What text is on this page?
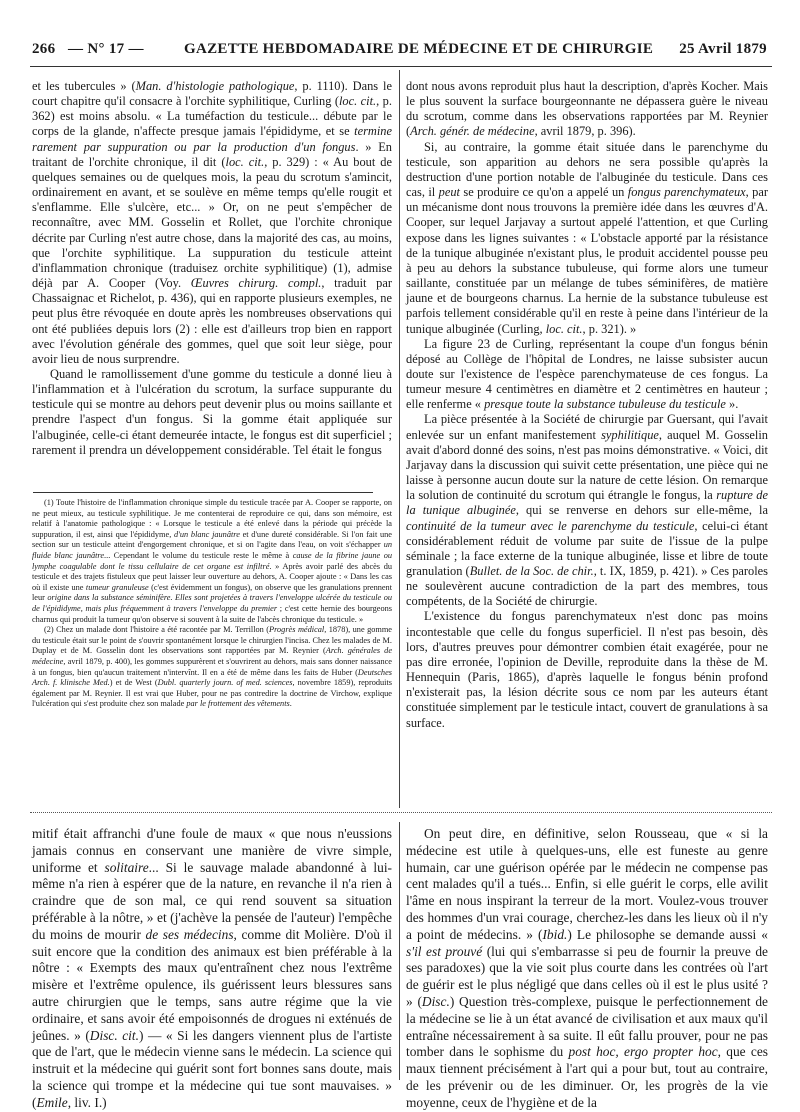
266 — N° 17 —	GAZETTE HEBDOMADAIRE DE MÉDECINE ET DE CHIRURGIE 25 Avril 1879

et les tubercules » (Man. d'histologie pathologique, p. 1110). Dans le court chapitre qu'il consacre à l'orchite syphilitique, Curling (loc. cit., p. 362) est moins absolu. « La tuméfaction du testicule... débute par le corps de la glande, n'affecte presque jamais l'épididyme, et se termine rarement par suppuration ou par la production d'un fongus. » En traitant de l'orchite chronique, il dit (loc. cit., p. 329) : « Au bout de quelques semaines ou de quelques mois, la peau du scrotum s'amincit, ordinairement en avant, et se soulève en même temps qu'elle rougit et s'enflamme. Elle s'ulcère, etc... » Or, on ne peut s'empêcher de reconnaître, avec MM. Gosselin et Rollet, que l'orchite chronique décrite par Curling n'est autre chose, dans la majorité des cas, au moins, que l'orchite syphilitique. La suppuration du testicule atteint d'inflammation chronique (traduisez orchite syphilitique) (1), admise déjà par A. Cooper (Voy. Œuvres chirurg. compl., traduit par Chassaignac et Richelot, p. 436), qui en rapporte plusieurs exemples, ne peut plus être révoquée en doute après les nombreuses observations qui ont été publiées depuis lors (2) : elle est d'ailleurs trop bien en rapport avec l'évolution générale des gommes, quel que soit leur siège, pour avoir lieu de nous surprendre.

Quand le ramollissement d'une gomme du testicule a donné lieu à l'inflammation et à l'ulcération du scrotum, la surface suppurante du testicule qui se montre au dehors peut devenir plus ou moins saillante et prendre l'aspect d'un fongus. Si la gomme était appliquée sur l'albuginée, celle-ci étant demeurée intacte, le fongus est dit superficiel ; rarement il prendra un développement considérable. Tel était le fongus

(1) Toute l'histoire de l'inflammation chronique simple du testicule tracée par A. Cooper se rapporte, on ne peut mieux, au testicule syphilitique. Je me contenterai de reproduire ce qui, dans son mémoire, est relatif à l'anatomie pathologique : « Lorsque le testicule a été enlevé dans la période qui précède la suppuration, il est, ainsi que l'épididyme, d'un blanc jaunâtre et d'une dureté considérable. Si l'on fait une section sur un testicule atteint d'engorgement chronique, et si on l'agite dans l'eau, on voit s'échapper un fluide blanc jaunâtre... Cependant le volume du testicule reste le même à cause de la fibrine jaune ou lymphe coagulable dont le tissu cellulaire de cet organe est infiltré. » Après avoir parlé des abcès du testicule et des trajets fistuleux que peut laisser leur ouverture au dehors, A. Cooper ajoute : « Dans les cas où il existe une tumeur granuleuse (c'est évidemment un fongus), on observe que les granulations prennent leur origine dans la substance séminifère. Elles sont projetées à travers l'enveloppe ulcérée du testicule ou de l'épididyme, mais plus fréquemment à travers l'enveloppe du premier ; c'est cette hernie des bourgeons charnus qui produit la tumeur qu'on observe si souvent à la suite de l'abcès chronique du testicule. »

(2) Chez un malade dont l'histoire a été racontée par M. Terrillon (Progrès médical, 1878), une gomme du testicule était sur le point de s'ouvrir spontanément lorsque le chirurgien l'incisa. Chez les malades de M. Duplay et de M. Gosselin dont les observations sont rapportées par M. Reynier (Arch. générales de médecine, avril 1879, p. 400), les gommes suppurèrent et s'ouvrirent au dehors, mais sans donner naissance à un fongus, bien qu'aucun traitement n'intervînt. Il en a été de même dans les faits de Huber (Deutsches Arch. f. klinische Med.) et de West (Dubl. quarterly journ. of med. sciences, novembre 1859), reproduits également par M. Reynier. Il est vrai que Huber, pour ne pas contredire la doctrine de Virchow, explique l'ulcération qui s'est produite chez son malade par le frottement des vêtements.

dont nous avons reproduit plus haut la description, d'après Kocher. Mais le plus souvent la surface bourgeonnante ne dépassera guère le niveau du scrotum, comme dans les observations rapportées par M. Reynier (Arch. génér. de médecine, avril 1879, p. 396).

Si, au contraire, la gomme était située dans le parenchyme du testicule, son apparition au dehors ne sera possible qu'après la destruction d'une portion notable de l'albuginée du testicule. Dans ces cas, il peut se produire ce qu'on a appelé un fongus parenchymateux, par un mécanisme dont nous trouvons la première idée dans les œuvres d'A. Cooper, sur lequel Jarjavay a surtout appelé l'attention, et que Curling expose dans les lignes suivantes : « L'obstacle apporté par la résistance de la tunique albuginée n'existant plus, le produit accidentel pousse peu à peu au dehors la substance tubuleuse, qui forme alors une tumeur saillante, constituée par un mélange de tubes séminifères, de matière jaune et de bourgeons charnus. La hernie de la substance tubuleuse est parfois tellement considérable qu'il en reste à peine dans l'intérieur de la tunique albuginée (Curling, loc. cit., p. 321). »

La figure 23 de Curling, représentant la coupe d'un fongus bénin déposé au Collège de l'hôpital de Londres, ne laisse subsister aucun doute sur l'existence de l'espèce parenchymateuse de ces fongus. La tumeur mesure 4 centimètres en diamètre et 2 centimètres en hauteur ; elle renferme « presque toute la substance tubuleuse du testicule ».

La pièce présentée à la Société de chirurgie par Guersant, qui l'avait enlevée sur un enfant manifestement syphilitique, auquel M. Gosselin avait d'abord donné des soins, n'est pas moins démonstrative. « Voici, dit Jarjavay dans la discussion qui suivit cette présentation, une pièce qui ne laisse à personne aucun doute sur la nature de cette lésion. On remarque la solution de continuité du scrotum qui étrangle le fongus, la rupture de la tunique albuginée, qui se renverse en dehors sur elle-même, la continuité de la tumeur avec le parenchyme du testicule, celui-ci étant considérablement réduit de volume par suite de l'issue de la pulpe séminale ; la face externe de la tunique albuginée, lisse et libre de toute granulation (Bullet. de la Soc. de chir., t. IX, 1859, p. 421). » Ces paroles ne soulevèrent aucune contradiction de la part des membres, tous compétents, de la Société de chirurgie.

L'existence du fongus parenchymateux n'est donc pas moins incontestable que celle du fongus superficiel. Il n'est pas besoin, dès lors, d'autres preuves pour démontrer combien était exagérée, pour ne pas dire erronée, l'opinion de Deville, reproduite dans la thèse de M. Hennequin (Paris, 1865), d'après laquelle le fongus bénin profond n'existerait pas, la lésion décrite sous ce nom par les auteurs étant constituée simplement par le testicule intact, couvert de granulations à sa surface.

mitif était affranchi d'une foule de maux « que nous n'eussions jamais connus en conservant une manière de vivre simple, uniforme et solitaire... Si le sauvage malade abandonné à lui-même n'a rien à espérer que de la nature, en revanche il n'a rien à craindre que de son mal, ce qui rend souvent sa situation préférable à la nôtre, » et (j'achève la pensée de l'auteur) l'empêche du moins de mourir de ses médecins, comme dit Molière. D'où il suit encore que la condition des animaux est bien préférable à la nôtre : « Exempts des maux qu'entraînent chez nous l'extrême misère et l'extrême opulence, ils guérissent leurs blessures sans autre chirurgien que le temps, sans autre régime que la vie ordinaire, et sans avoir été empoisonnés de drogues ni exténués de jeûnes. » (Disc. cit.) — « Si les dangers viennent plus de l'artiste que de l'art, que le médecin vienne sans le médecin. La science qui instruit et la médecine qui guérit sont fort bonnes sans doute, mais la science qui trompe et la médecine qui tue sont mauvaises. » (Emile, liv. I.)

On peut dire, en définitive, selon Rousseau, que « si la médecine est utile à quelques-uns, elle est funeste au genre humain, car une guérison opérée par le médecin ne compense pas cent malades qu'il a tués... Enfin, si elle guérit le corps, elle avilit l'âme en nous inspirant la terreur de la mort. Voulez-vous trouver des hommes d'un vrai courage, cherchez-les dans les lieux où il n'y a point de médecins. » (Ibid.) Le philosophe se demande aussi « s'il est prouvé (lui qui s'embarrasse si peu de fournir la preuve de ses paradoxes) que la vie soit plus courte dans les contrées où l'art de guérir est le plus négligé que dans celles où il est le plus usité ? » (Disc.) Question très-complexe, puisque le perfectionnement de la médecine se lie à un état avancé de civilisation et aux maux qu'il entraîne nécessairement à sa suite. Il eût fallu prouver, pour ne pas tomber dans le sophisme du post hoc, ergo propter hoc, que ces maux tiennent précisément à l'art qui a pour but, tout au contraire, de les prévenir ou de les diminuer. Or, les progrès de la vie moyenne, ceux de l'hygiène et de la
